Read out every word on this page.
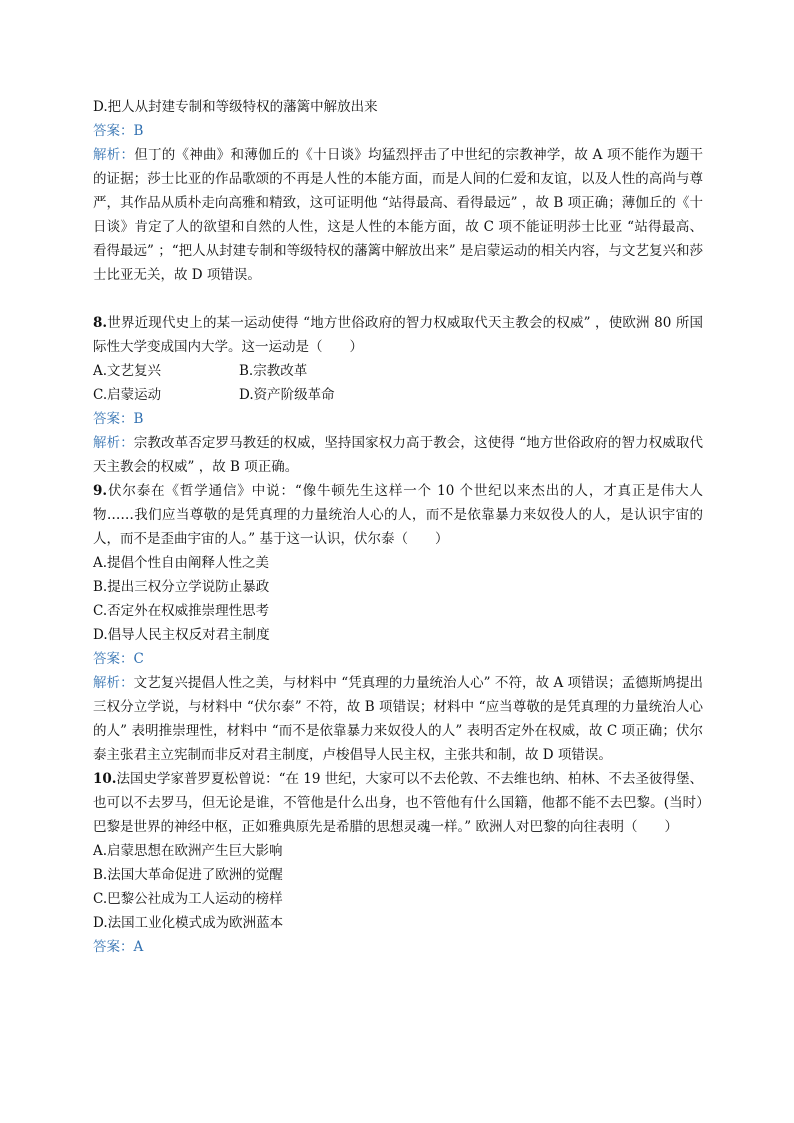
D.把人从封建专制和等级特权的藩篱中解放出来
答案：B
解析：但丁的《神曲》和薄伽丘的《十日谈》均猛烈抨击了中世纪的宗教神学，故 A 项不能作为题干的证据；莎士比亚的作品歌颂的不再是人性的本能方面，而是人间的仁爱和友谊，以及人性的高尚与尊严，其作品从质朴走向高雅和精致，这可证明他 “站得最高、看得最远” ，故 B 项正确；薄伽丘的《十日谈》肯定了人的欲望和自然的人性，这是人性的本能方面，故 C 项不能证明莎士比亚 “站得最高、看得最远” ；“把人从封建专制和等级特权的藩篱中解放出来” 是启蒙运动的相关内容，与文艺复兴和莎士比亚无关，故 D 项错误。
8.世界近现代史上的某一运动使得 “地方世俗政府的智力权威取代天主教会的权威” ，使欧洲 80 所国际性大学变成国内大学。这一运动是（　　）
A.文艺复兴	B.宗教改革
C.启蒙运动	D.资产阶级革命
答案：B
解析：宗教改革否定罗马教廷的权威，坚持国家权力高于教会，这使得 “地方世俗政府的智力权威取代天主教会的权威” ，故 B 项正确。
9.伏尔泰在《哲学通信》中说：“像牛顿先生这样一个 10 个世纪以来杰出的人，才真正是伟大人物……我们应当尊敬的是凭真理的力量统治人心的人，而不是依靠暴力来奴役人的人，是认识宇宙的人，而不是歪曲宇宙的人。” 基于这一认识，伏尔泰（　　）
A.提倡个性自由阐释人性之美
B.提出三权分立学说防止暴政
C.否定外在权威推崇理性思考
D.倡导人民主权反对君主制度
答案：C
解析：文艺复兴提倡人性之美，与材料中 “凭真理的力量统治人心” 不符，故 A 项错误；孟德斯鸠提出三权分立学说，与材料中 “伏尔泰” 不符，故 B 项错误；材料中 “应当尊敬的是凭真理的力量统治人心的人” 表明推崇理性，材料中 “而不是依靠暴力来奴役人的人” 表明否定外在权威，故 C 项正确；伏尔泰主张君主立宪制而非反对君主制度，卢梭倡导人民主权，主张共和制，故 D 项错误。
10.法国史学家普罗夏松曾说：“在 19 世纪，大家可以不去伦敦、不去维也纳、柏林、不去圣彼得堡、也可以不去罗马，但无论是谁，不管他是什么出身，也不管他有什么国籍，他都不能不去巴黎。(当时）巴黎是世界的神经中枢，正如雅典原先是希腊的思想灵魂一样。” 欧洲人对巴黎的向往表明（　　）
A.启蒙思想在欧洲产生巨大影响
B.法国大革命促进了欧洲的觉醒
C.巴黎公社成为工人运动的榜样
D.法国工业化模式成为欧洲蓝本
答案：A
